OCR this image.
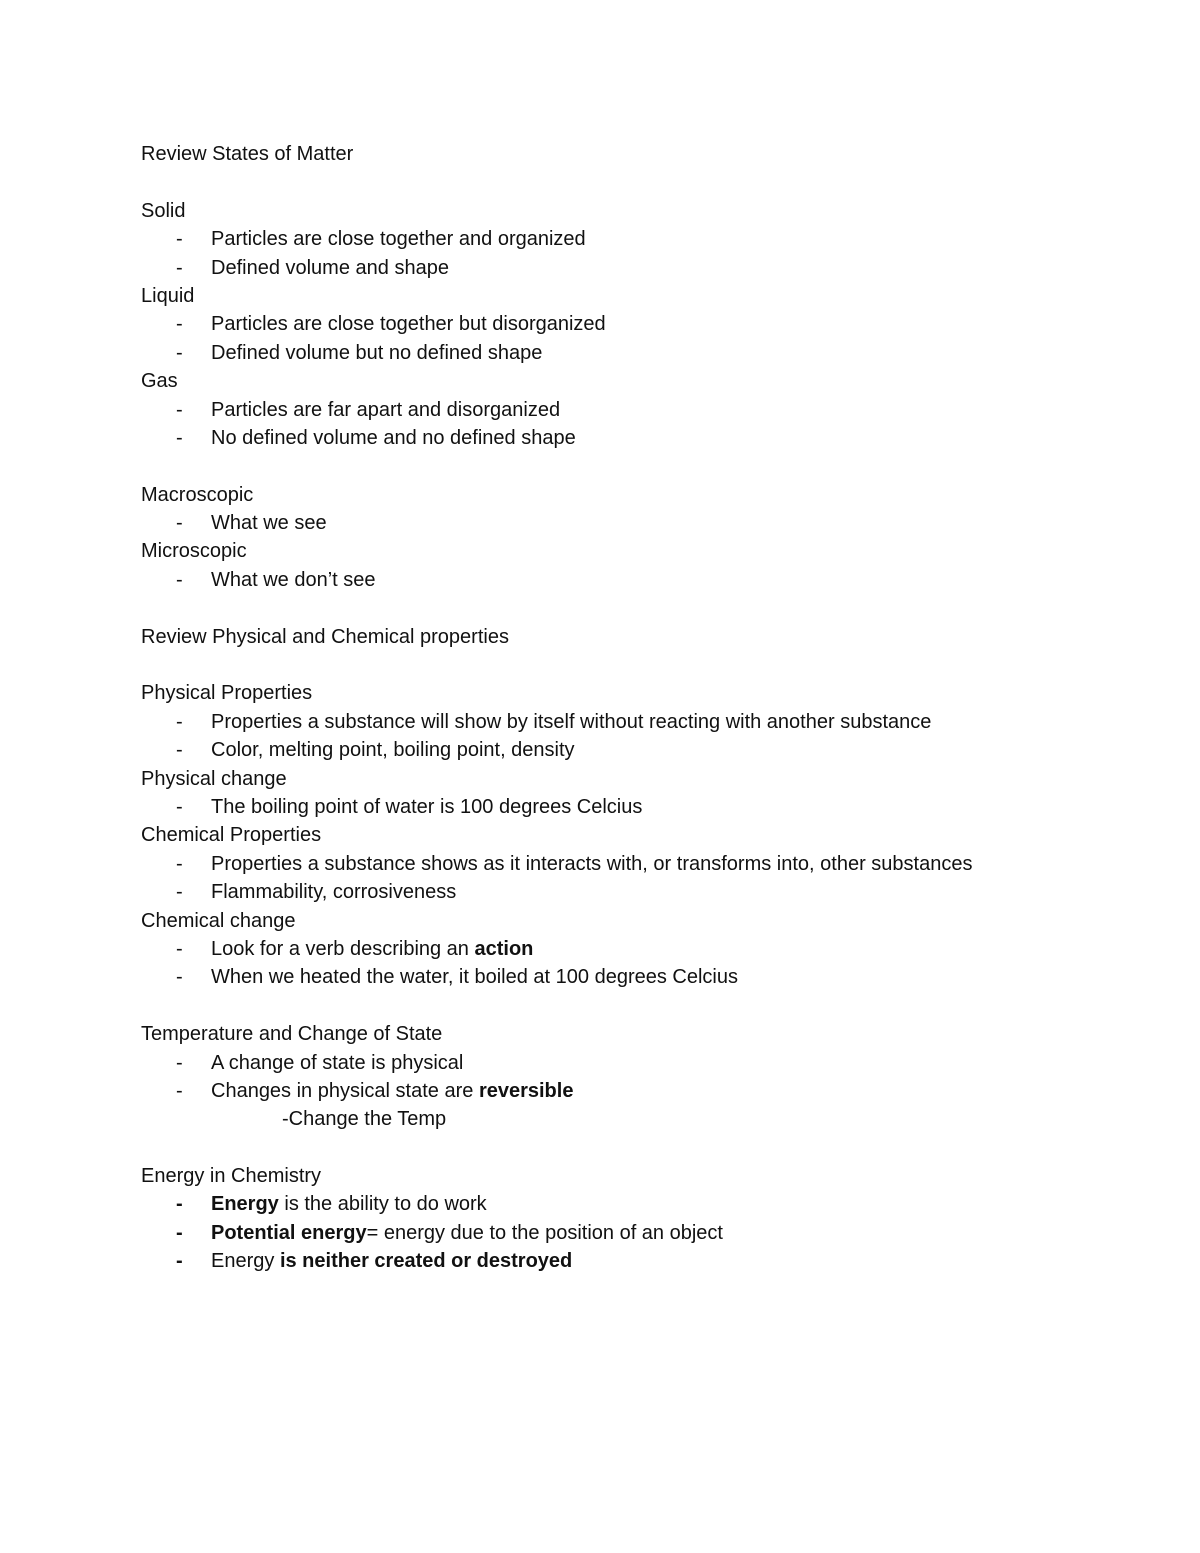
Review States of Matter
Solid
- Particles are close together and organized
- Defined volume and shape
Liquid
- Particles are close together but disorganized
- Defined volume but no defined shape
Gas
- Particles are far apart and disorganized
- No defined volume and no defined shape
Macroscopic
- What we see
Microscopic
- What we don’t see
Review Physical and Chemical properties
Physical Properties
- Properties a substance will show by itself without reacting with another substance
- Color, melting point, boiling point, density
Physical change
- The boiling point of water is 100 degrees Celcius
Chemical Properties
- Properties a substance shows as it interacts with, or transforms into, other substances
- Flammability, corrosiveness
Chemical change
- Look for a verb describing an action
- When we heated the water, it boiled at 100 degrees Celcius
Temperature and Change of State
- A change of state is physical
- Changes in physical state are reversible
-Change the Temp
Energy in Chemistry
- Energy is the ability to do work
- Potential energy= energy due to the position of an object
- Energy is neither created or destroyed
